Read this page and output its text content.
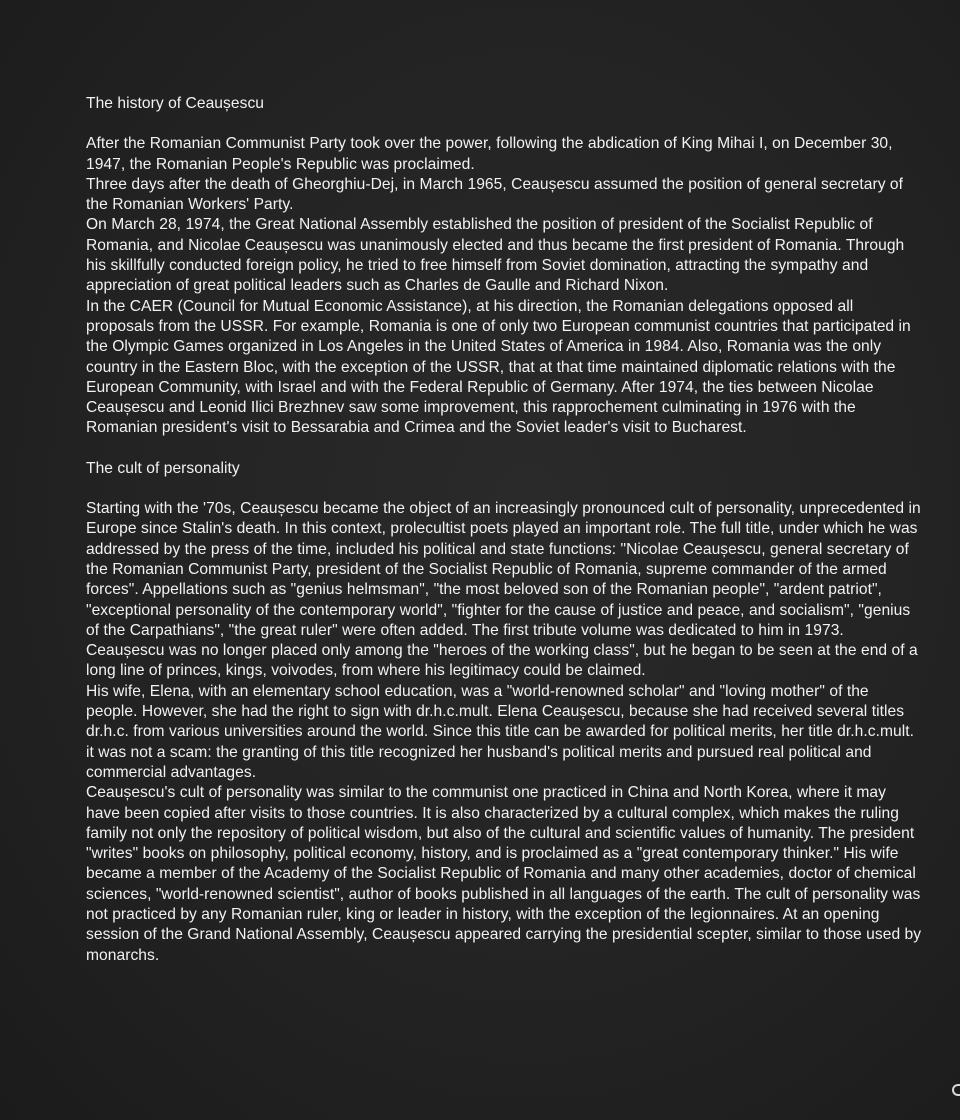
The history of Ceaușescu

After the Romanian Communist Party took over the power, following the abdication of King Mihai I, on December 30, 1947, the Romanian People's Republic was proclaimed.

Three days after the death of Gheorghiu-Dej, in March 1965, Ceaușescu assumed the position of general secretary of the Romanian Workers' Party.

On March 28, 1974, the Great National Assembly established the position of president of the Socialist Republic of Romania, and Nicolae Ceaușescu was unanimously elected and thus became the first president of Romania. Through his skillfully conducted foreign policy, he tried to free himself from Soviet domination, attracting the sympathy and appreciation of great political leaders such as Charles de Gaulle and Richard Nixon.

In the CAER (Council for Mutual Economic Assistance), at his direction, the Romanian delegations opposed all proposals from the USSR. For example, Romania is one of only two European communist countries that participated in the Olympic Games organized in Los Angeles in the United States of America in 1984. Also, Romania was the only country in the Eastern Bloc, with the exception of the USSR, that at that time maintained diplomatic relations with the European Community, with Israel and with the Federal Republic of Germany. After 1974, the ties between Nicolae Ceaușescu and Leonid Ilici Brezhnev saw some improvement, this rapprochement culminating in 1976 with the Romanian president's visit to Bessarabia and Crimea and the Soviet leader's visit to Bucharest.

The cult of personality

Starting with the '70s, Ceaușescu became the object of an increasingly pronounced cult of personality, unprecedented in Europe since Stalin's death. In this context, prolecultist poets played an important role. The full title, under which he was addressed by the press of the time, included his political and state functions: "Nicolae Ceaușescu, general secretary of the Romanian Communist Party, president of the Socialist Republic of Romania, supreme commander of the armed forces". Appellations such as "genius helmsman", "the most beloved son of the Romanian people", "ardent patriot", "exceptional personality of the contemporary world", "fighter for the cause of justice and peace, and socialism", "genius of the Carpathians", "the great ruler" were often added. The first tribute volume was dedicated to him in 1973. Ceaușescu was no longer placed only among the "heroes of the working class", but he began to be seen at the end of a long line of princes, kings, voivodes, from where his legitimacy could be claimed.

His wife, Elena, with an elementary school education, was a "world-renowned scholar" and "loving mother" of the people. However, she had the right to sign with dr.h.c.mult. Elena Ceaușescu, because she had received several titles dr.h.c. from various universities around the world. Since this title can be awarded for political merits, her title dr.h.c.mult. it was not a scam: the granting of this title recognized her husband's political merits and pursued real political and commercial advantages.

Ceaușescu's cult of personality was similar to the communist one practiced in China and North Korea, where it may have been copied after visits to those countries. It is also characterized by a cultural complex, which makes the ruling family not only the repository of political wisdom, but also of the cultural and scientific values of humanity. The president "writes" books on philosophy, political economy, history, and is proclaimed as a "great contemporary thinker." His wife became a member of the Academy of the Socialist Republic of Romania and many other academies, doctor of chemical sciences, "world-renowned scientist", author of books published in all languages of the earth. The cult of personality was not practiced by any Romanian ruler, king or leader in history, with the exception of the legionnaires. At an opening session of the Grand National Assembly, Ceaușescu appeared carrying the presidential scepter, similar to those used by monarchs.
